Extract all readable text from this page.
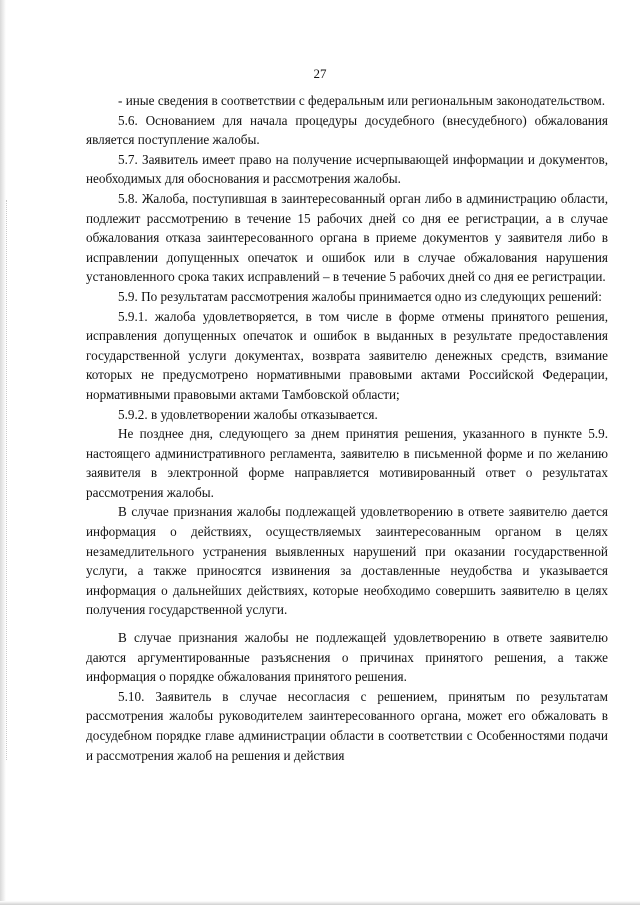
27

- иные сведения в соответствии с федеральным или региональным законодательством.

5.6. Основанием для начала процедуры досудебного (внесудебного) обжалования является поступление жалобы.

5.7. Заявитель имеет право на получение исчерпывающей информации и документов, необходимых для обоснования и рассмотрения жалобы.

5.8. Жалоба, поступившая в заинтересованный орган либо в администрацию области, подлежит рассмотрению в течение 15 рабочих дней со дня ее регистрации, а в случае обжалования отказа заинтересованного органа в приеме документов у заявителя либо в исправлении допущенных опечаток и ошибок или в случае обжалования нарушения установленного срока таких исправлений – в течение 5 рабочих дней со дня ее регистрации.

5.9. По результатам рассмотрения жалобы принимается одно из следующих решений:

5.9.1. жалоба удовлетворяется, в том числе в форме отмены принятого решения, исправления допущенных опечаток и ошибок в выданных в результате предоставления государственной услуги документах, возврата заявителю денежных средств, взимание которых не предусмотрено нормативными правовыми актами Российской Федерации, нормативными правовыми актами Тамбовской области;

5.9.2. в удовлетворении жалобы отказывается.

Не позднее дня, следующего за днем принятия решения, указанного в пункте 5.9. настоящего административного регламента, заявителю в письменной форме и по желанию заявителя в электронной форме направляется мотивированный ответ о результатах рассмотрения жалобы.

В случае признания жалобы подлежащей удовлетворению в ответе заявителю дается информация о действиях, осуществляемых заинтересованным органом в целях незамедлительного устранения выявленных нарушений при оказании государственной услуги, а также приносятся извинения за доставленные неудобства и указывается информация о дальнейших действиях, которые необходимо совершить заявителю в целях получения государственной услуги.

В случае признания жалобы не подлежащей удовлетворению в ответе заявителю даются аргументированные разъяснения о причинах принятого решения, а также информация о порядке обжалования принятого решения.

5.10. Заявитель в случае несогласия с решением, принятым по результатам рассмотрения жалобы руководителем заинтересованного органа, может его обжаловать в досудебном порядке главе администрации области в соответствии с Особенностями подачи и рассмотрения жалоб на решения и действия
